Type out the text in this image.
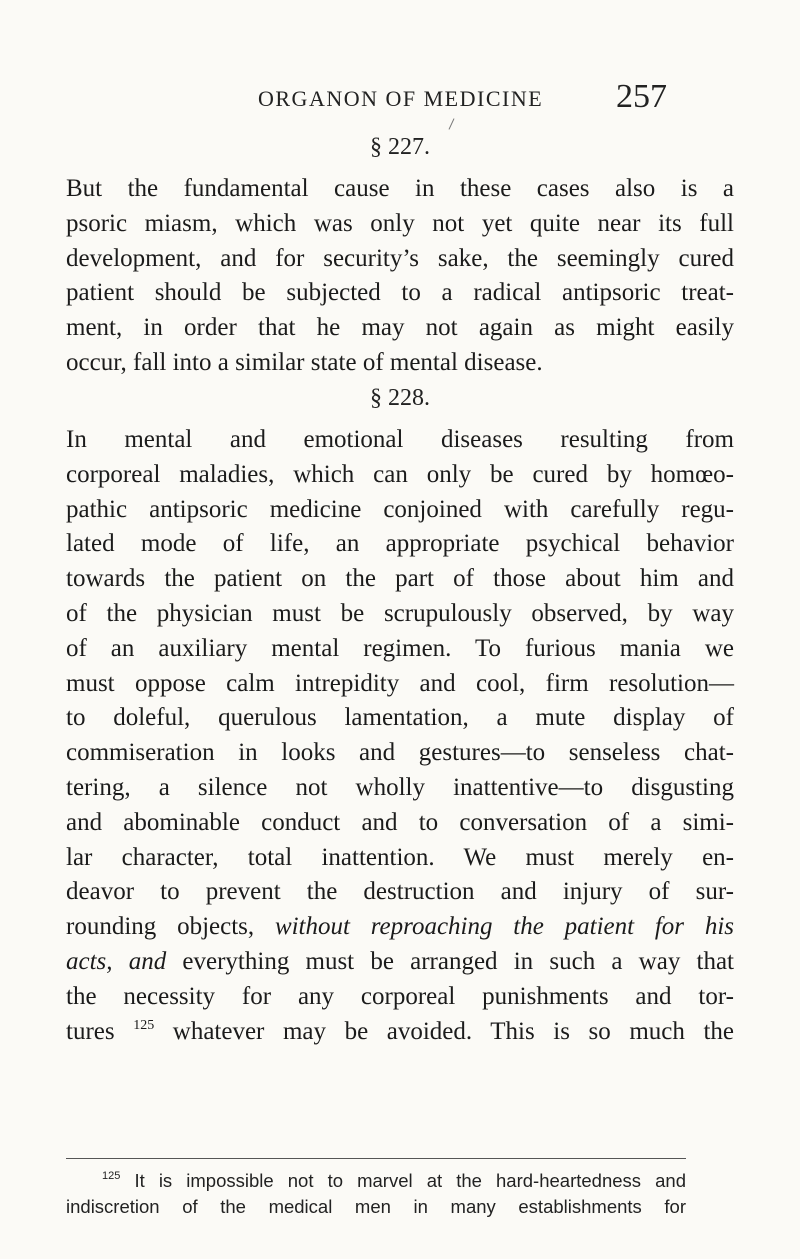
ORGANON OF MEDICINE 257
§ 227.
But the fundamental cause in these cases also is a
psoric miasm, which was only not yet quite near its full
development, and for security’s sake, the seemingly cured
patient should be subjected to a radical antipsoric treat-
ment, in order that he may not again as might easily
occur, fall into a similar state of mental disease.
§ 228.
In mental and emotional diseases resulting from
corporeal maladies, which can only be cured by homœo-
pathic antipsoric medicine conjoined with carefully regu-
lated mode of life, an appropriate psychical behavior
towards the patient on the part of those about him and
of the physician must be scrupulously observed, by way
of an auxiliary mental regimen. To furious mania we
must oppose calm intrepidity and cool, firm resolution—
to doleful, querulous lamentation, a mute display of
commiseration in looks and gestures—to senseless chat-
tering, a silence not wholly inattentive—to disgusting
and abominable conduct and to conversation of a simi-
lar character, total inattention. We must merely en-
deavor to prevent the destruction and injury of sur-
rounding objects, without reproaching the patient for his
acts, and everything must be arranged in such a way that
the necessity for any corporeal punishments and tor-
tures $^{125}$ whatever may be avoided. This is so much the
$^{125}$ It is impossible not to marvel at the hard-heartedness and
indiscretion of the medical men in many establishments for
